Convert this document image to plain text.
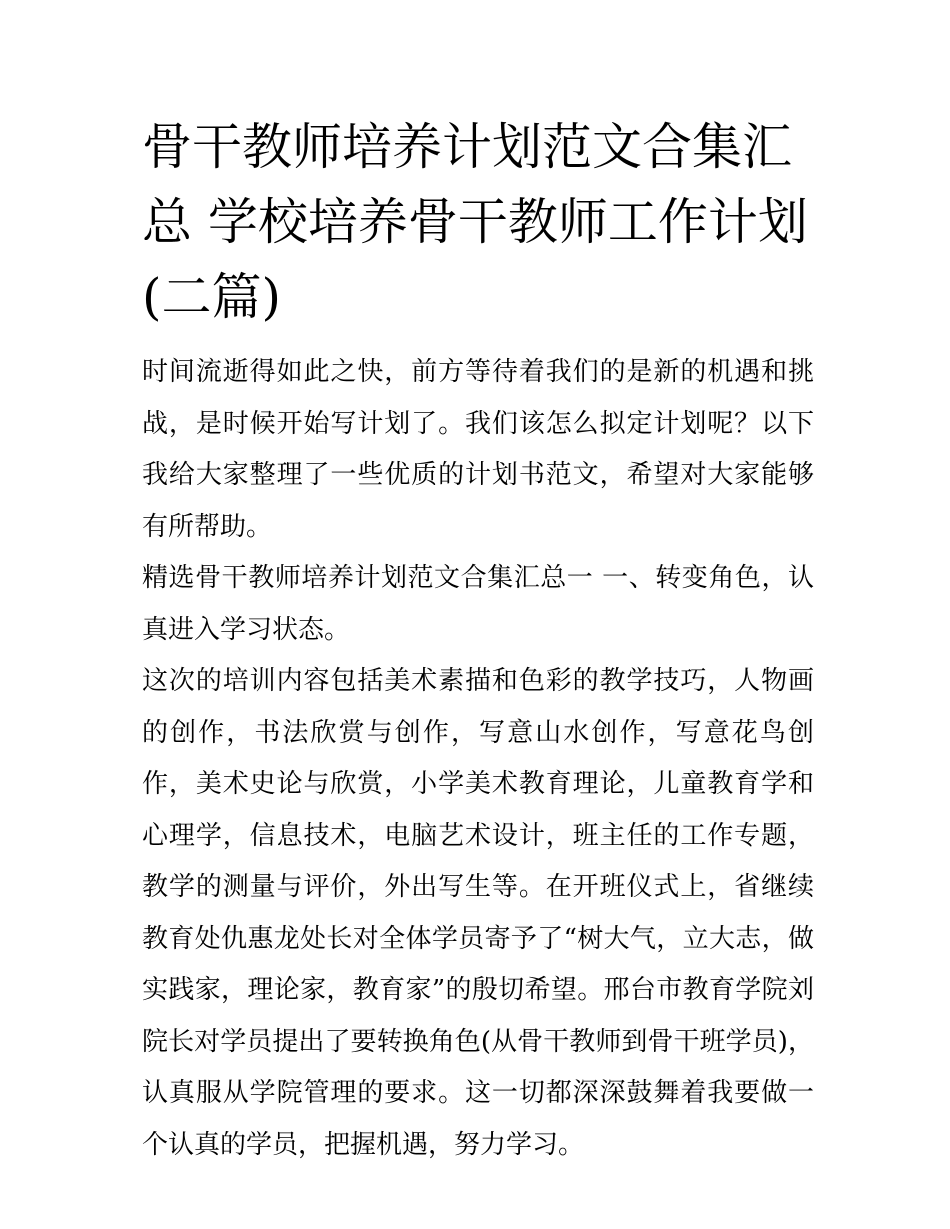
骨干教师培养计划范文合集汇总 学校培养骨干教师工作计划(二篇)

时间流逝得如此之快，前方等待着我们的是新的机遇和挑战，是时候开始写计划了。我们该怎么拟定计划呢？以下我给大家整理了一些优质的计划书范文，希望对大家能够有所帮助。

精选骨干教师培养计划范文合集汇总一 一、转变角色，认真进入学习状态。

这次的培训内容包括美术素描和色彩的教学技巧，人物画的创作，书法欣赏与创作，写意山水创作，写意花鸟创作，美术史论与欣赏，小学美术教育理论，儿童教育学和心理学，信息技术，电脑艺术设计，班主任的工作专题，教学的测量与评价，外出写生等。在开班仪式上，省继续教育处仇惠龙处长对全体学员寄予了“树大气，立大志，做实践家，理论家，教育家”的殷切希望。邢台市教育学院刘院长对学员提出了要转换角色(从骨干教师到骨干班学员)，认真服从学院管理的要求。这一切都深深鼓舞着我要做一个认真的学员，把握机遇，努力学习。
